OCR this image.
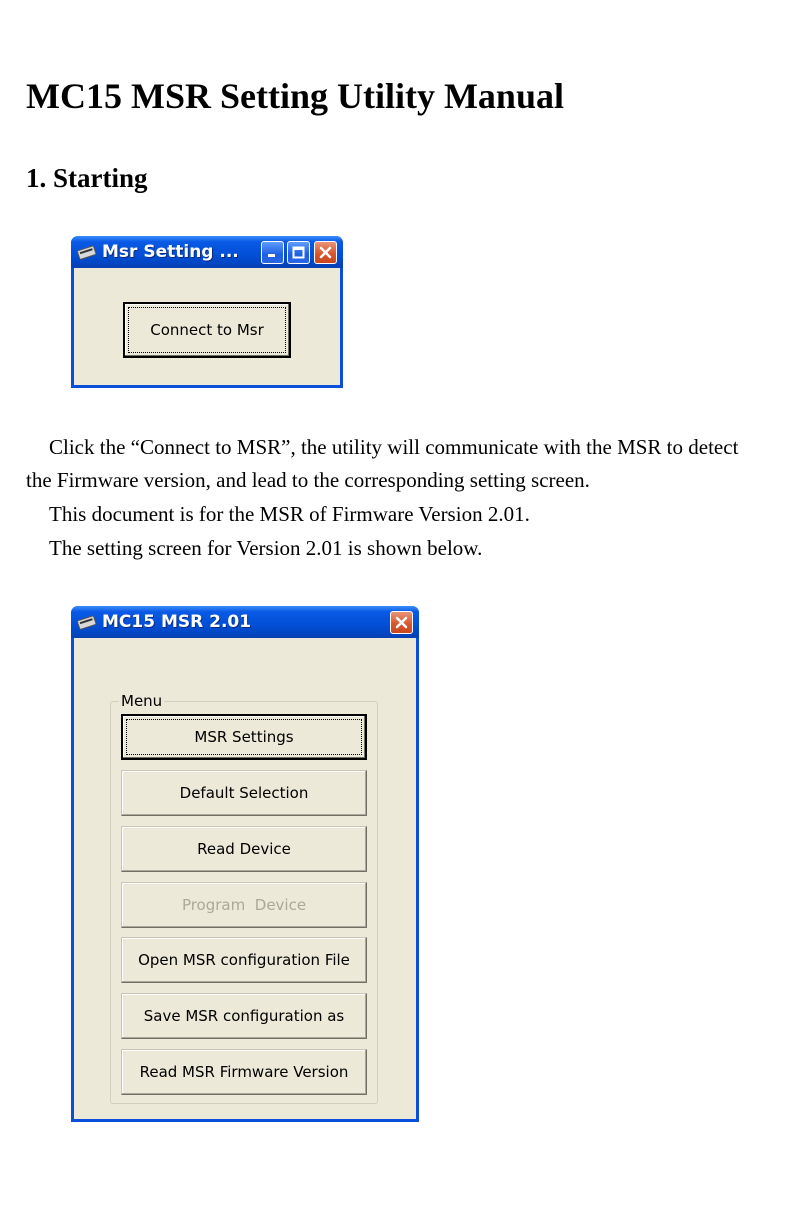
MC15 MSR Setting Utility Manual
1. Starting
Msr Setting ...
Connect to Msr

Click the “Connect to MSR”, the utility will communicate with the MSR to detect

the Firmware version, and lead to the corresponding setting screen.

This document is for the MSR of Firmware Version 2.01.

The setting screen for Version 2.01 is shown below.

MC15 MSR 2.01
Menu
MSR Settings
Default Selection
Read Device
Program  Device
Open MSR configuration File
Save MSR configuration as
Read MSR Firmware Version
